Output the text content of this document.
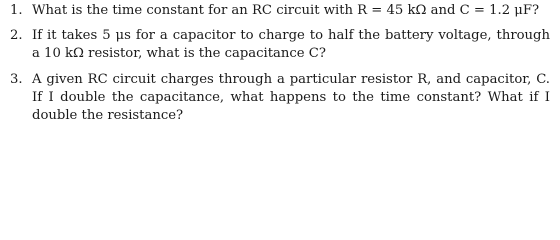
1. What is the time constant for an RC circuit with R = 45 kΩ and C = 1.2 μF?
2. If it takes 5 μs for a capacitor to charge to half the battery voltage, through a 10 kΩ resistor, what is the capacitance C?
3. A given RC circuit charges through a particular resistor R, and capacitor, C. If I double the capacitance, what happens to the time constant? What if I double the resistance?
